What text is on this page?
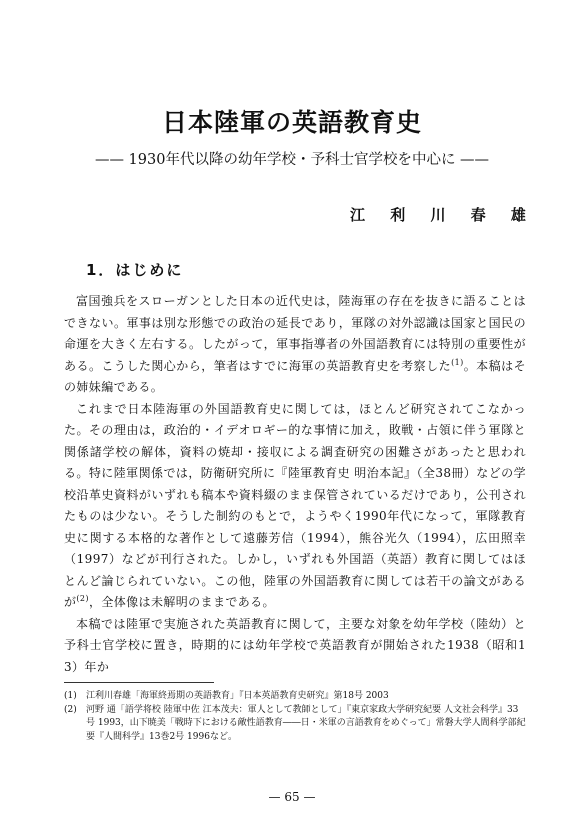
日本陸軍の英語教育史
—— 1930年代以降の幼年学校・予科士官学校を中心に ——
江 利 川 春 雄
1．はじめに

富国強兵をスローガンとした日本の近代史は，陸海軍の存在を抜きに語ることはできない。軍事は別な形態での政治の延長であり，軍隊の対外認識は国家と国民の命運を大きく左右する。したがって，軍事指導者の外国語教育には特別の重要性がある。こうした関心から，筆者はすでに海軍の英語教育史を考察した$^{(1)}$。本稿はその姉妹編である。

これまで日本陸海軍の外国語教育史に関しては，ほとんど研究されてこなかった。その理由は，政治的・イデオロギー的な事情に加え，敗戦・占領に伴う軍隊と関係諸学校の解体，資料の焼却・接収による調査研究の困難さがあったと思われる。特に陸軍関係では，防衛研究所に『陸軍教育史 明治本記』（全38冊）などの学校沿革史資料がいずれも稿本や資料綴のまま保管されているだけであり，公刊されたものは少ない。そうした制約のもとで，ようやく1990年代になって，軍隊教育史に関する本格的な著作として遠藤芳信（1994），熊谷光久（1994），広田照幸（1997）などが刊行された。しかし，いずれも外国語（英語）教育に関してはほとんど論じられていない。この他，陸軍の外国語教育に関しては若干の論文があるが$^{(2)}$，全体像は未解明のままである。

本稿では陸軍で実施された英語教育に関して，主要な対象を幼年学校（陸幼）と予科士官学校に置き，時期的には幼年学校で英語教育が開始された1938（昭和13）年か

(1) 江利川春雄「海軍終焉期の英語教育」『日本英語教育史研究』第18号 2003

(2) 河野 通「語学将校 陸軍中佐 江本茂夫：軍人として教師として」『東京家政大学研究紀要 人文社会科学』33号 1993，山下暁美「戦時下における敵性語教育――日・米軍の言語教育をめぐって」常磐大学人間科学部紀要『人間科学』13巻2号 1996など。

— 65 —
